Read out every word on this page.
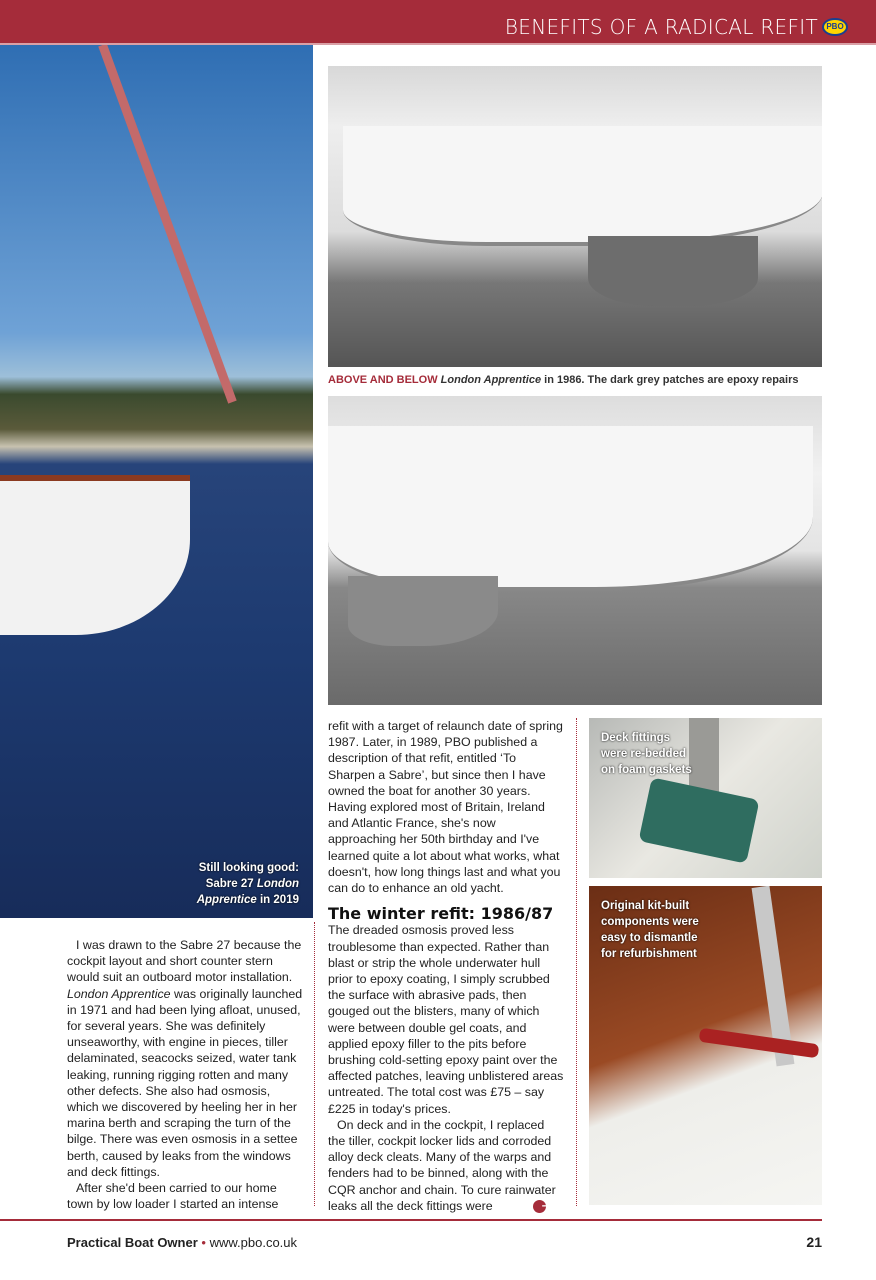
BENEFITS OF A RADICAL REFIT	PBO
Still looking good:
Sabre 27 London
Apprentice in 2019
ABOVE AND BELOW London Apprentice in 1986. The dark grey patches are epoxy repairs

I was drawn to the Sabre 27 because the cockpit layout and short counter stern would suit an outboard motor installation. London Apprentice was originally launched in 1971 and had been lying afloat, unused, for several years. She was definitely unseaworthy, with engine in pieces, tiller delaminated, seacocks seized, water tank leaking, running rigging rotten and many other defects. She also had osmosis, which we discovered by heeling her in her marina berth and scraping the turn of the bilge. There was even osmosis in a settee berth, caused by leaks from the windows and deck fittings.

After she'd been carried to our home town by low loader I started an intense

refit with a target of relaunch date of spring 1987. Later, in 1989, PBO published a description of that refit, entitled ‘To Sharpen a Sabre’, but since then I have owned the boat for another 30 years. Having explored most of Britain, Ireland and Atlantic France, she's now approaching her 50th birthday and I've learned quite a lot about what works, what doesn't, how long things last and what you can do to enhance an old yacht.

The winter refit: 1986/87

The dreaded osmosis proved less troublesome than expected. Rather than blast or strip the whole underwater hull prior to epoxy coating, I simply scrubbed the surface with abrasive pads, then gouged out the blisters, many of which were between double gel coats, and applied epoxy filler to the pits before brushing cold-setting epoxy paint over the affected patches, leaving unblistered areas untreated. The total cost was £75 – say £225 in today's prices.

On deck and in the cockpit, I replaced the tiller, cockpit locker lids and corroded alloy deck cleats. Many of the warps and fenders had to be binned, along with the CQR anchor and chain. To cure rainwater leaks all the deck fittings were	➔

Deck fittings were re-bedded on foam gaskets
Original kit-built components were easy to dismantle for refurbishment
Practical Boat Owner • www.pbo.co.uk	21
